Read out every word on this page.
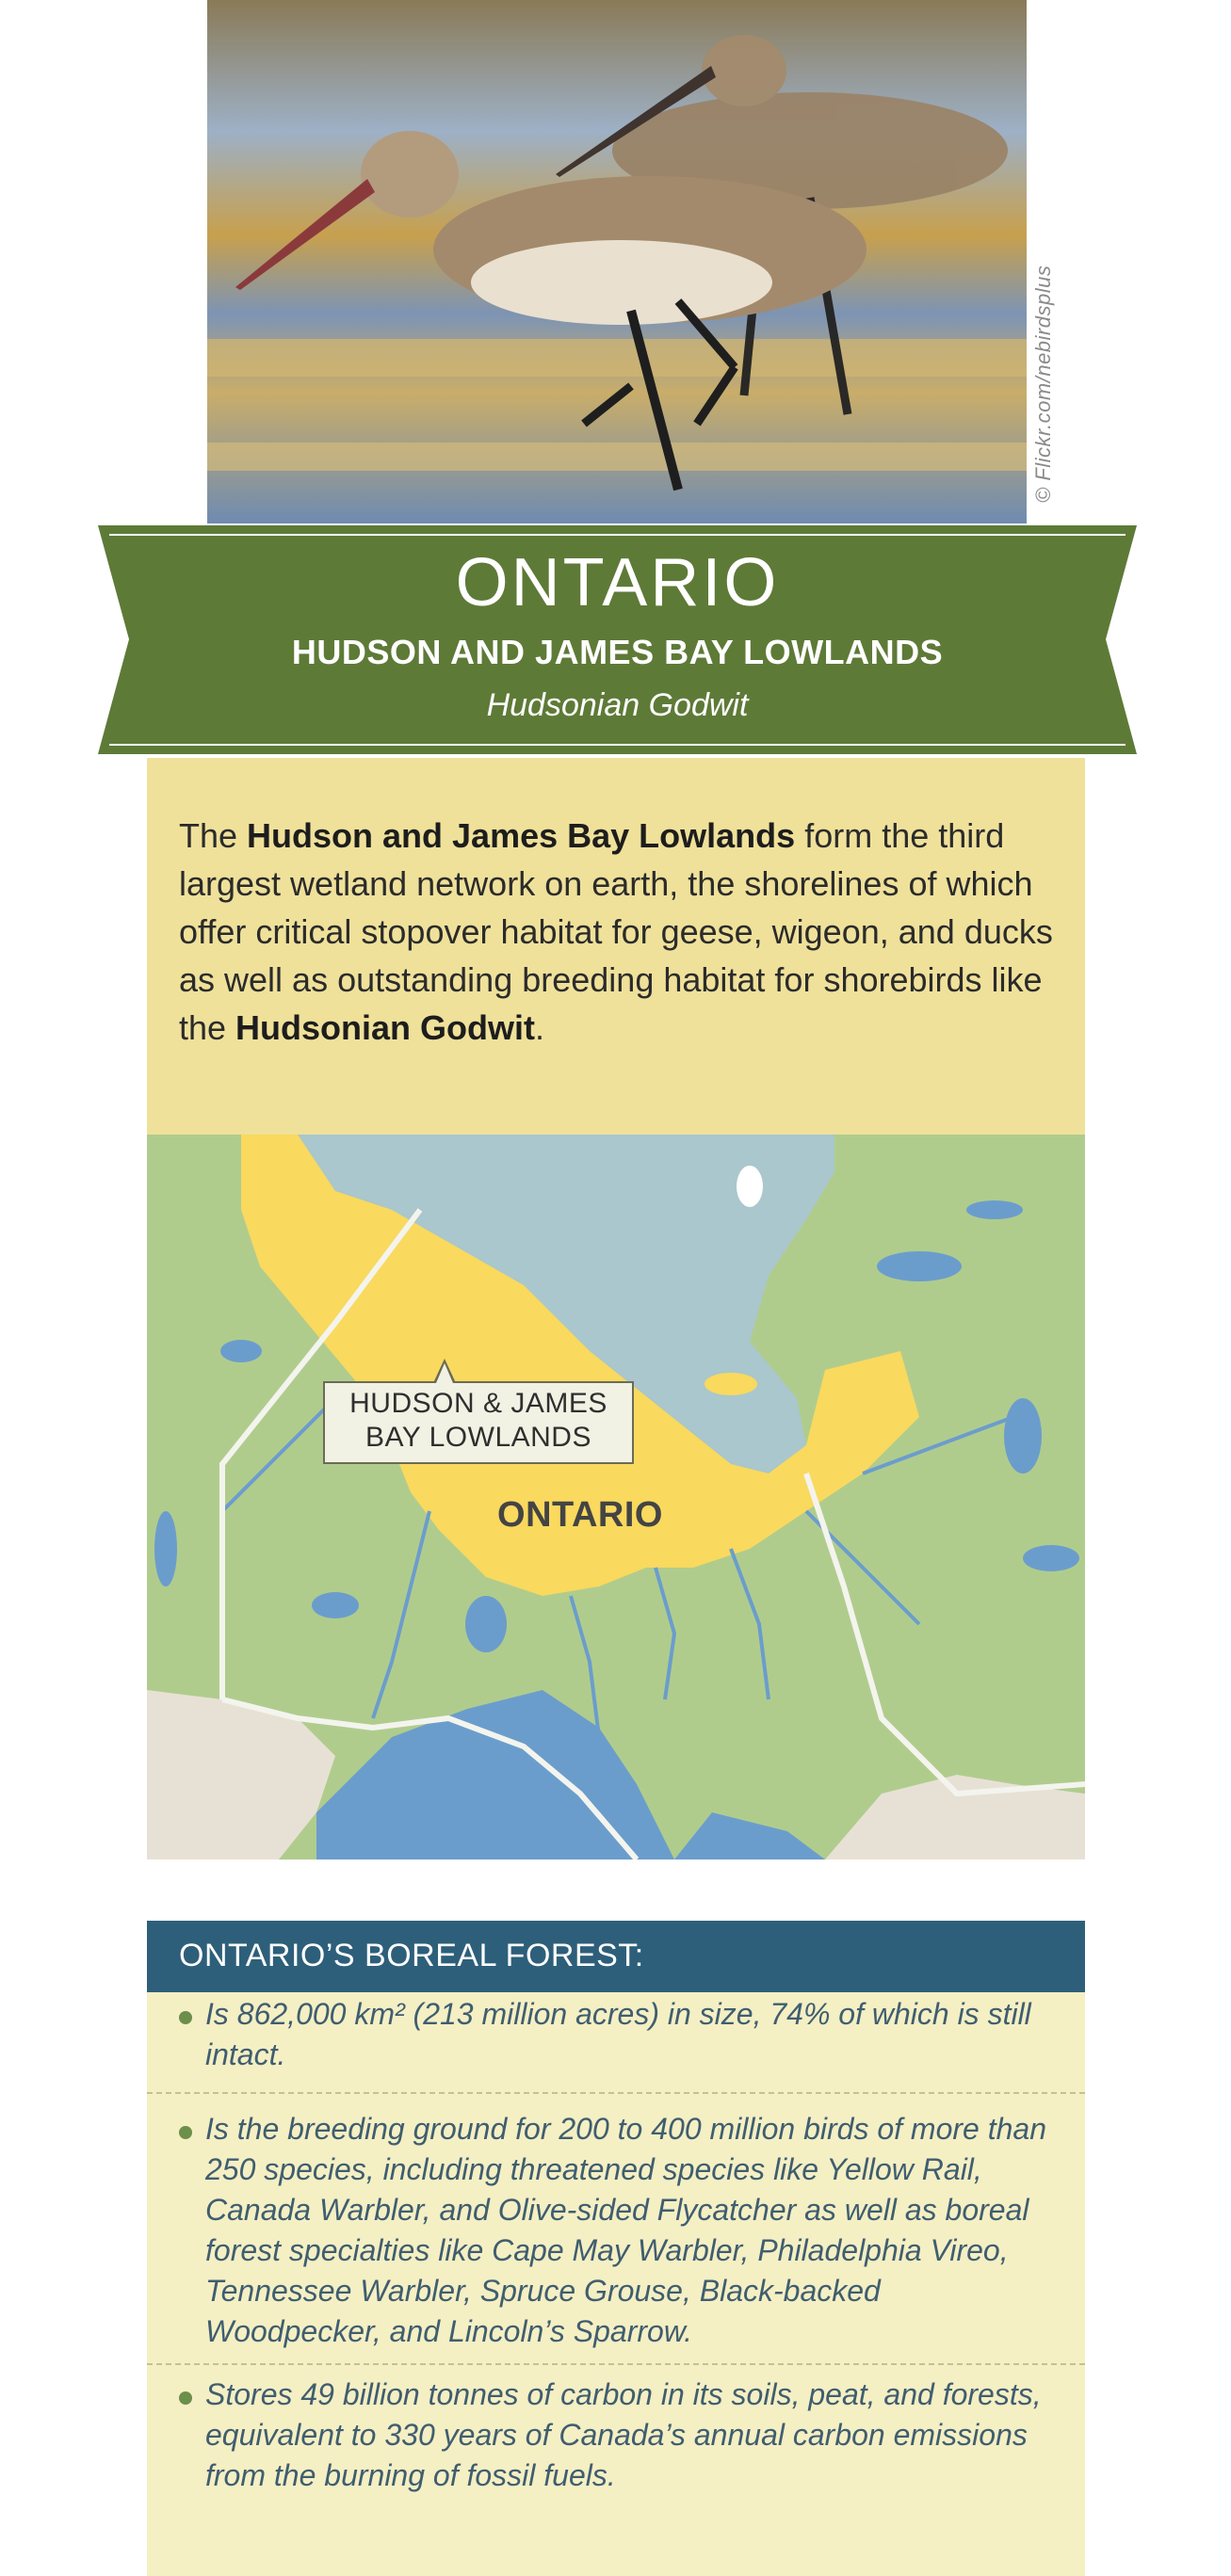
© Flickr.com/nebirdsplus
ONTARIO
HUDSON AND JAMES BAY LOWLANDS
Hudsonian Godwit
The Hudson and James Bay Lowlands form the third largest wetland network on earth, the shorelines of which offer critical stopover habitat for geese, wigeon, and ducks as well as outstanding breeding habitat for shorebirds like the Hudsonian Godwit.
HUDSON & JAMES
BAY LOWLANDS
ONTARIO
ONTARIO’S BOREAL FOREST:
Is 862,000 km² (213 million acres) in size, 74% of which is still intact.
Is the breeding ground for 200 to 400 million birds of more than 250 species, including threatened species like Yellow Rail, Canada Warbler, and Olive-sided Flycatcher as well as boreal forest specialties like Cape May Warbler, Philadelphia Vireo, Tennessee Warbler, Spruce Grouse, Black-backed Woodpecker, and Lincoln’s Sparrow.
Stores 49 billion tonnes of carbon in its soils, peat, and forests, equivalent to 330 years of Canada’s annual carbon emissions from the burning of fossil fuels.
